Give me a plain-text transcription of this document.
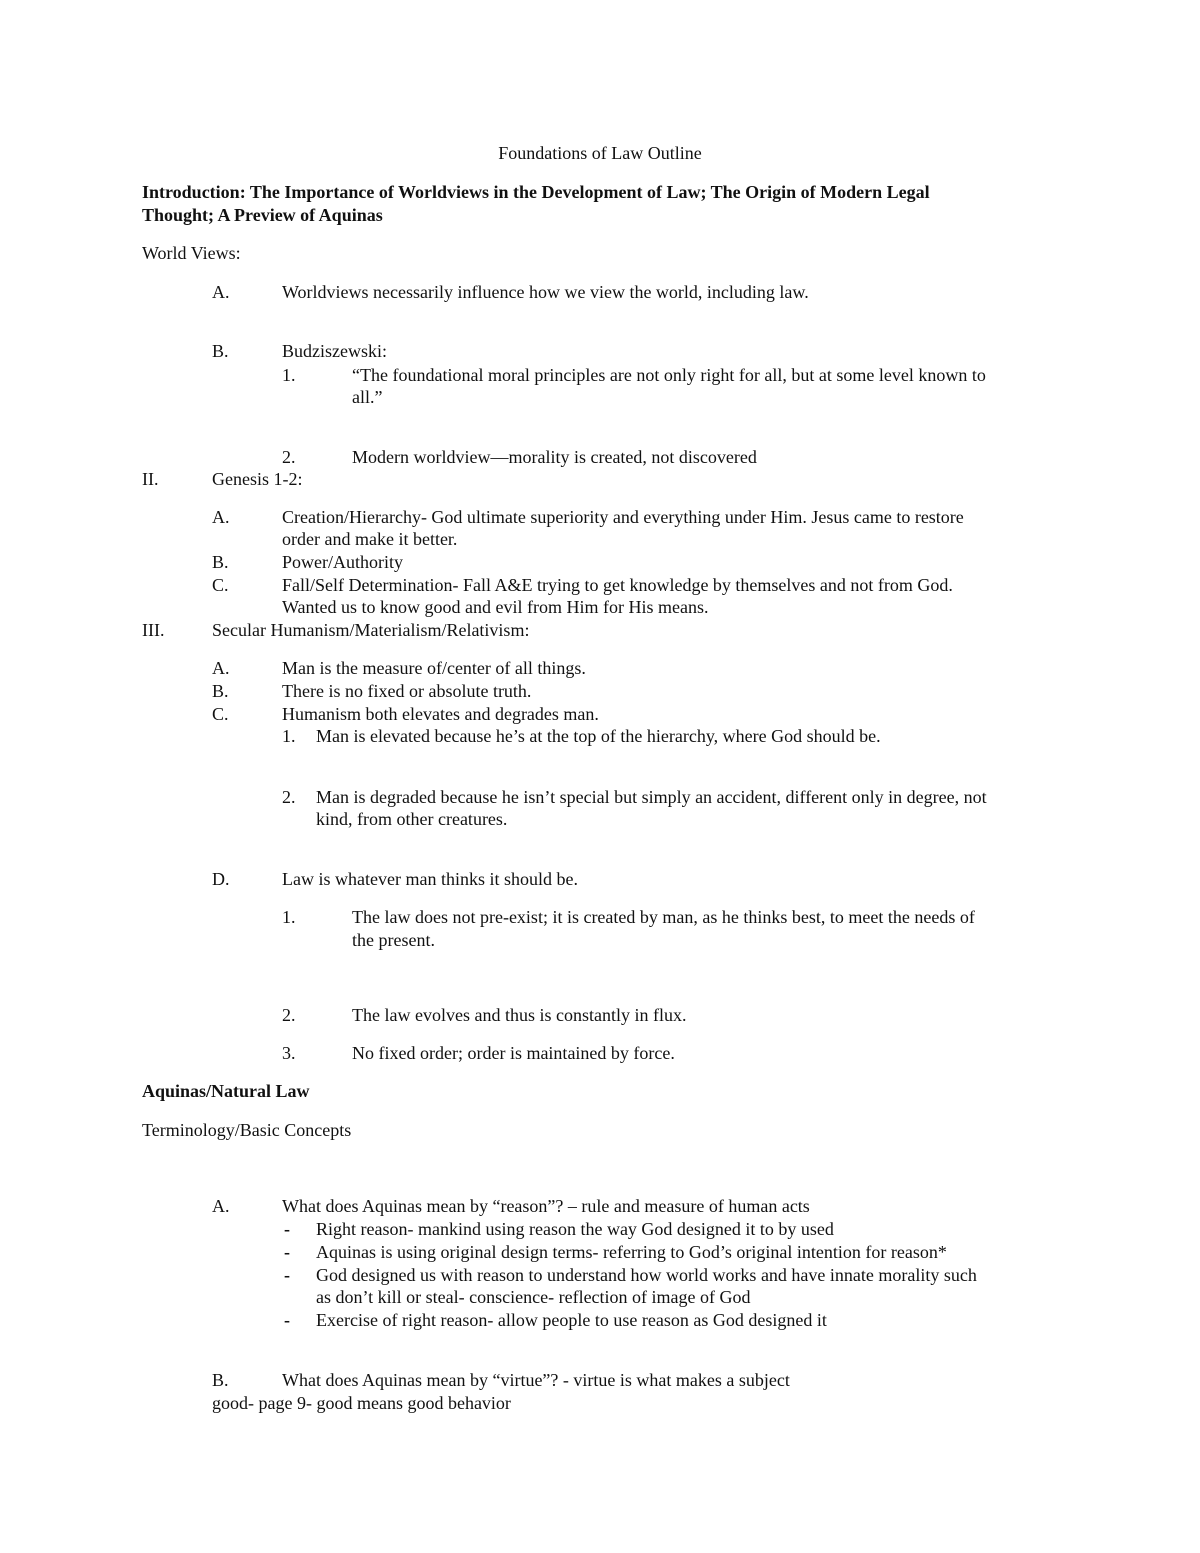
Foundations of Law Outline
Introduction: The Importance of Worldviews in the Development of Law; The Origin of Modern Legal
Thought; A Preview of Aquinas
World Views:
A.	Worldviews necessarily influence how we view the world, including law.
B.	Budziszewski:
1.	“The foundational moral principles are not only right for all, but at some level known to
all.”
2.	Modern worldview—morality is created, not discovered
II.	Genesis 1-2:
A.	Creation/Hierarchy- God ultimate superiority and everything under Him. Jesus came to restore
order and make it better.
B.	Power/Authority
C.	Fall/Self Determination- Fall A&E trying to get knowledge by themselves and not from God.
Wanted us to know good and evil from Him for His means.
III.	Secular Humanism/Materialism/Relativism:
A.	Man is the measure of/center of all things.
B.	There is no fixed or absolute truth.
C.	Humanism both elevates and degrades man.
1. Man is elevated because he’s at the top of the hierarchy, where God should be.
2. Man is degraded because he isn’t special but simply an accident, different only in degree, not
kind, from other creatures.
D.	Law is whatever man thinks it should be.
1.	The law does not pre-exist; it is created by man, as he thinks best, to meet the needs of
the present.
2.	The law evolves and thus is constantly in flux.
3.	No fixed order; order is maintained by force.
Aquinas/Natural Law
Terminology/Basic Concepts
A.	What does Aquinas mean by “reason”? – rule and measure of human acts
- Right reason- mankind using reason the way God designed it to by used
- Aquinas is using original design terms- referring to God’s original intention for reason*
- God designed us with reason to understand how world works and have innate morality such
as don’t kill or steal- conscience- reflection of image of God
- Exercise of right reason- allow people to use reason as God designed it
B.	What does Aquinas mean by “virtue”? - virtue is what makes a subject
good- page 9- good means good behavior
